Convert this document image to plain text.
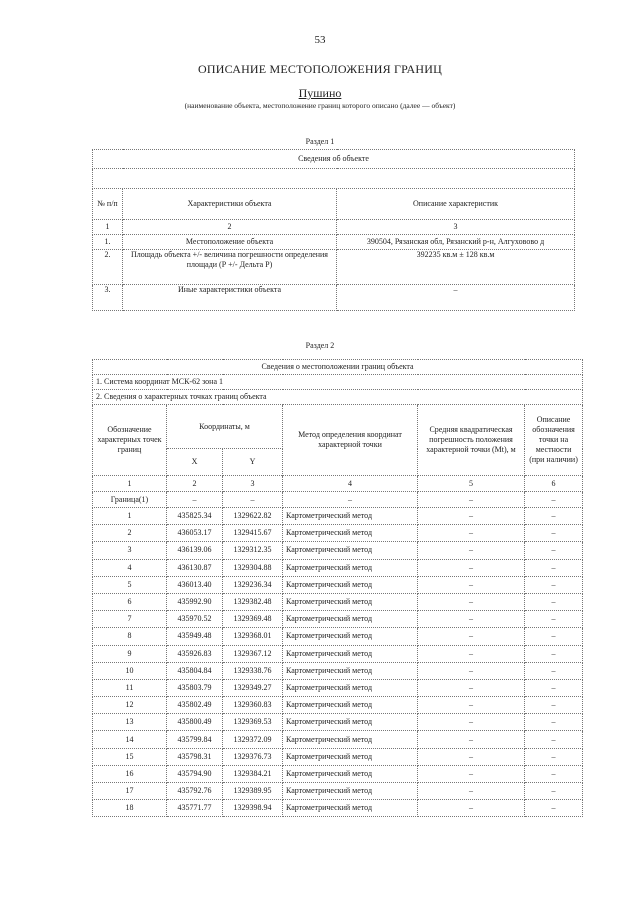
53
ОПИСАНИЕ МЕСТОПОЛОЖЕНИЯ ГРАНИЦ
Пушино
(наименование объекта, местоположение границ которого описано (далее — объект)
Раздел 1
Сведения об объекте		

№ п/п	Характеристики объекта	Описание характеристик
1	2	3
1.	Местоположение объекта	390504, Рязанская обл, Рязанский р-н, Алгуховово д
2.	Площадь объекта +/- величина погрешности определения площади (Р +/- Дельта Р)	392235 кв.м ± 128 кв.м
3.	Иные характеристики объекта	–
Раздел 2
Сведения о местоположении границ объекта					
1. Система координат МСК-62 зона 1					
2. Сведения о характерных точках границ объекта					
Обозначение характерных точек границ	Координаты, м		Метод определения координат характерной точки	Средняя квадратическая погрешность положения характерной точки (Мt), м	Описание обозначения точки на местности (при наличии)
	X	Y			
1	2	3	4	5	6
Граница(1)	–	–	–	–	–
1	435825.34	1329622.82	Картометрический метод	–	–
2	436053.17	1329415.67	Картометрический метод	–	–
3	436139.06	1329312.35	Картометрический метод	–	–
4	436130.87	1329304.88	Картометрический метод	–	–
5	436013.40	1329236.34	Картометрический метод	–	–
6	435992.90	1329382.48	Картометрический метод	–	–
7	435970.52	1329369.48	Картометрический метод	–	–
8	435949.48	1329368.01	Картометрический метод	–	–
9	435926.83	1329367.12	Картометрический метод	–	–
10	435804.84	1329338.76	Картометрический метод	–	–
11	435803.79	1329349.27	Картометрический метод	–	–
12	435802.49	1329360.83	Картометрический метод	–	–
13	435800.49	1329369.53	Картометрический метод	–	–
14	435799.84	1329372.09	Картометрический метод	–	–
15	435798.31	1329376.73	Картометрический метод	–	–
16	435794.90	1329384.21	Картометрический метод	–	–
17	435792.76	1329389.95	Картометрический метод	–	–
18	435771.77	1329398.94	Картометрический метод	–	–
